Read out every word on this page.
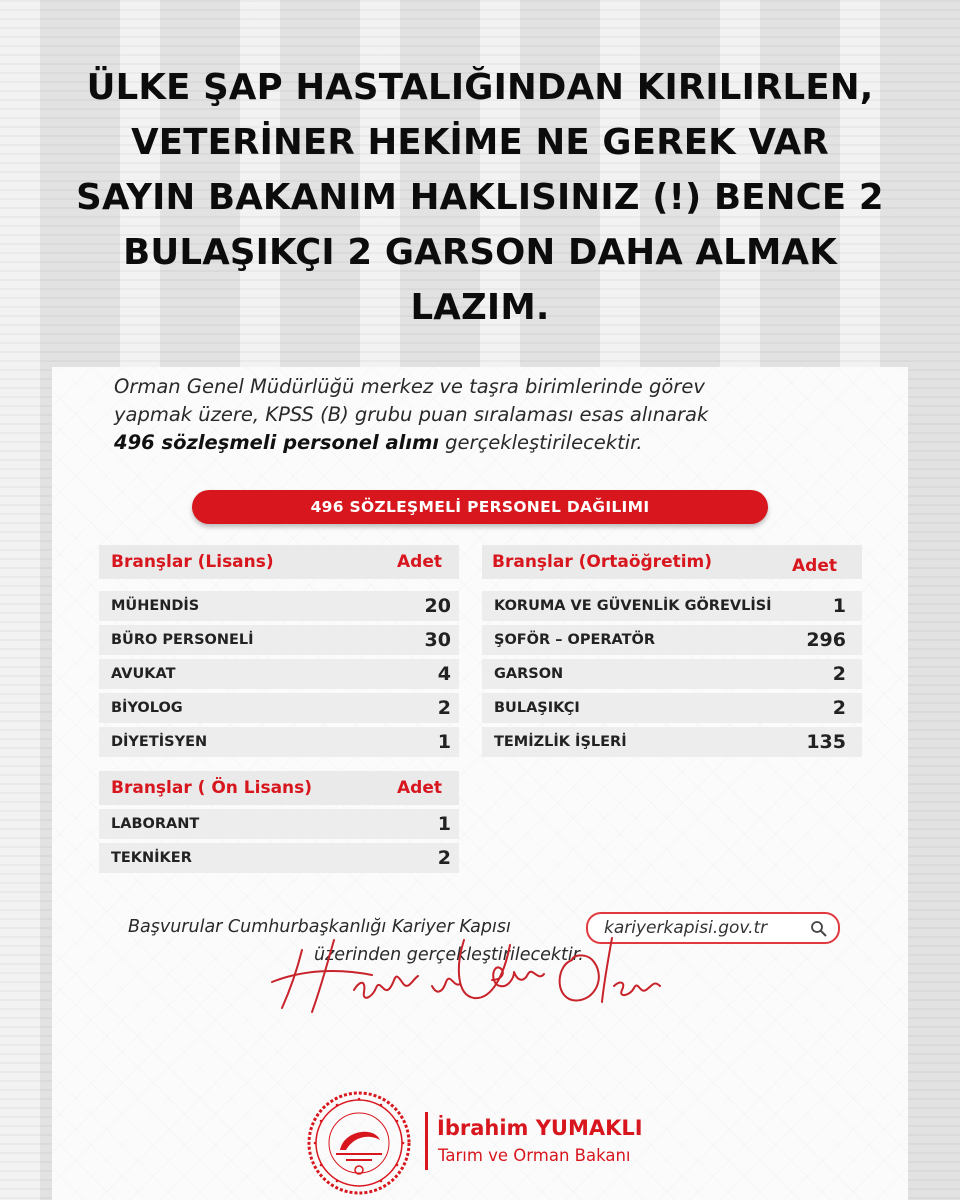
ÜLKE ŞAP HASTALIĞINDAN KIRILIRLEN,
VETERİNER HEKİME NE GEREK VAR
SAYIN BAKANIM HAKLISINIZ (!) BENCE 2
BULAŞIKÇI 2 GARSON DAHA ALMAK
LAZIM.
Orman Genel Müdürlüğü merkez ve taşra birimlerinde görev
yapmak üzere, KPSS (B) grubu puan sıralaması esas alınarak
496 sözleşmeli personel alımı gerçekleştirilecektir.
496 SÖZLEŞMELİ PERSONEL DAĞILIMI
Branşlar (Lisans)	Adet
MÜHENDİS	20
BÜRO PERSONELİ	30
AVUKAT	4
BİYOLOG	2
DİYETİSYEN	1
Branşlar ( Ön Lisans)	Adet
LABORANT	1
TEKNİKER	2
Branşlar (Ortaöğretim)	Adet
KORUMA VE GÜVENLİK GÖREVLİSİ	1
ŞOFÖR – OPERATÖR	296
GARSON	2
BULAŞIKÇI	2
TEMİZLİK İŞLERİ	135
Başvurular Cumhurbaşkanlığı Kariyer Kapısı	kariyerkapisi.gov.tr
üzerinden gerçekleştirilecektir.
İbrahim YUMAKLI
Tarım ve Orman Bakanı
